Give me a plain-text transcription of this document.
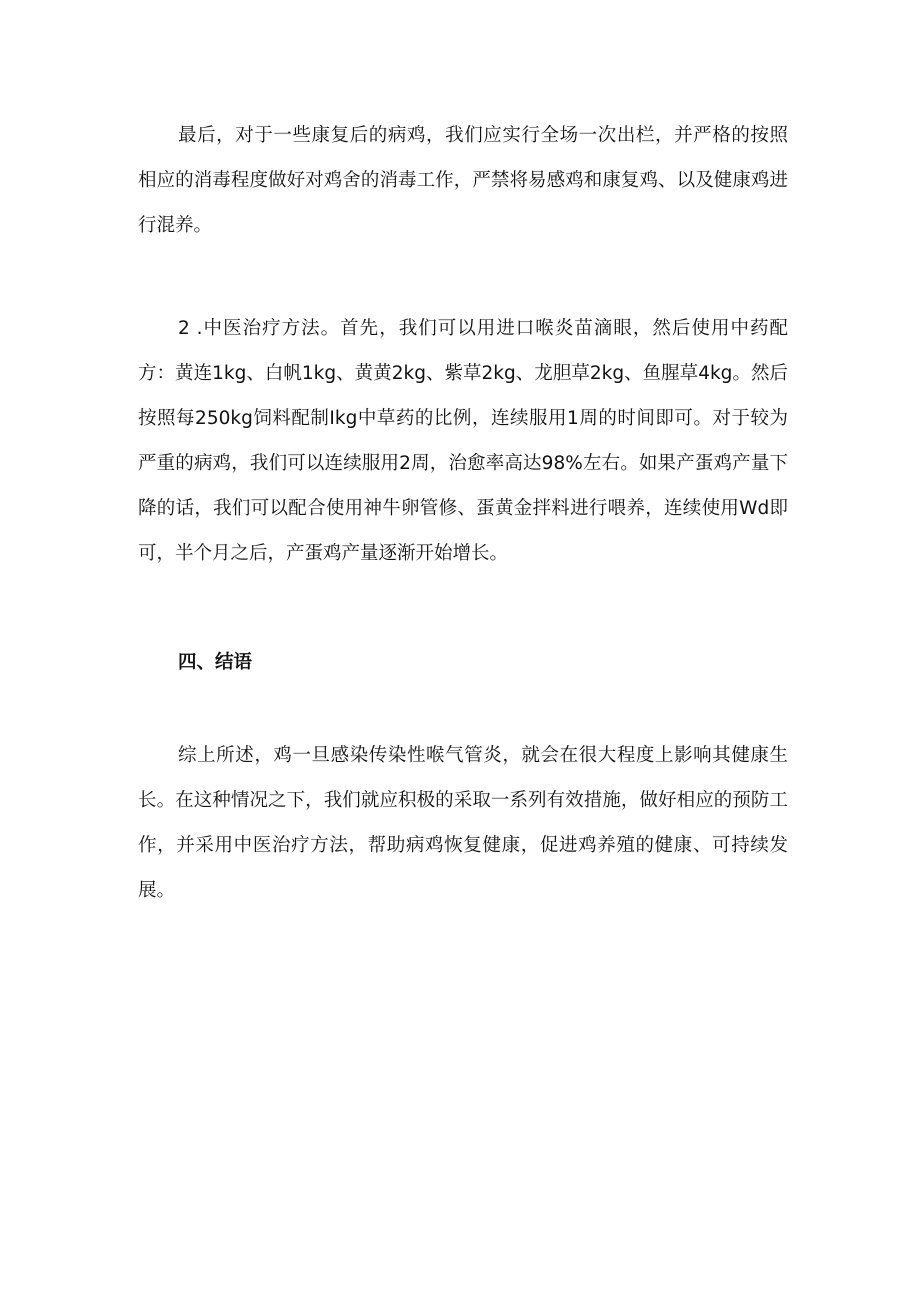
最后，对于一些康复后的病鸡，我们应实行全场一次出栏，并严格的按照相应的消毒程度做好对鸡舍的消毒工作，严禁将易感鸡和康复鸡、以及健康鸡进行混养。

2 .中医治疗方法。首先，我们可以用进口喉炎苗滴眼，然后使用中药配方：黄连1kg、白帆1kg、黄黄2kg、紫草2kg、龙胆草2kg、鱼腥草4kg。然后按照每250kg饲料配制Ikg中草药的比例，连续服用1周的时间即可。对于较为严重的病鸡，我们可以连续服用2周，治愈率高达98%左右。如果产蛋鸡产量下降的话，我们可以配合使用神牛卵管修、蛋黄金拌料进行喂养，连续使用Wd即可，半个月之后，产蛋鸡产量逐渐开始增长。

四、结语

综上所述，鸡一旦感染传染性喉气管炎，就会在很大程度上影响其健康生长。在这种情况之下，我们就应积极的采取一系列有效措施，做好相应的预防工作，并采用中医治疗方法，帮助病鸡恢复健康，促进鸡养殖的健康、可持续发展。
